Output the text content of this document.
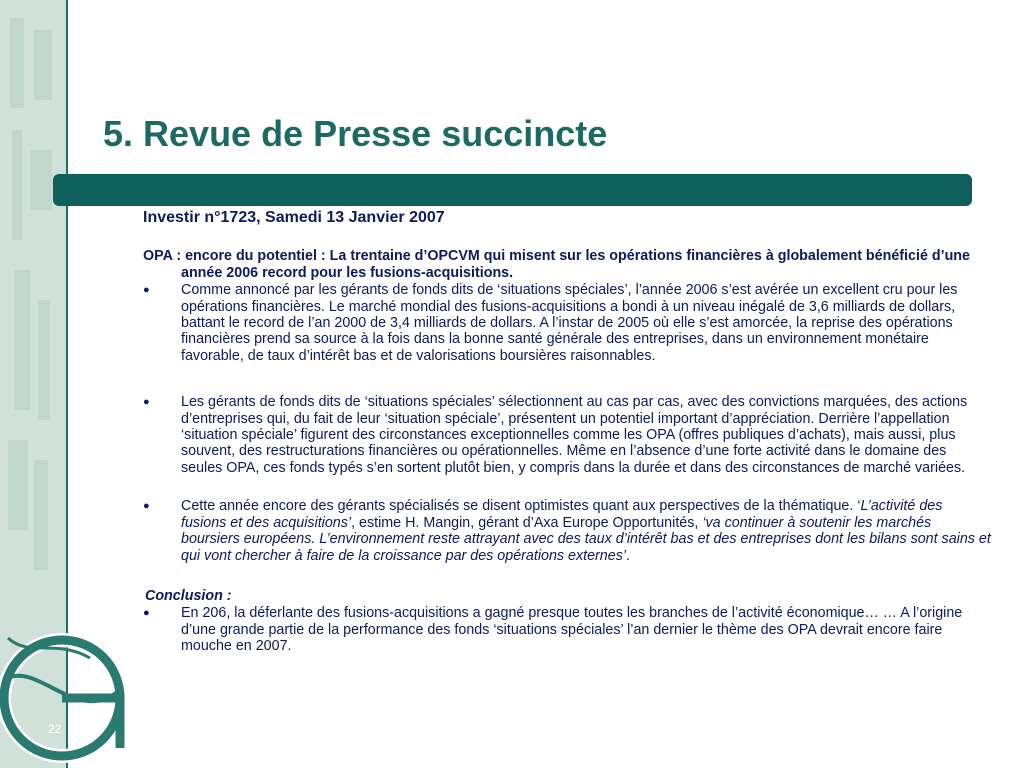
22
5. Revue de Presse succincte

Investir n°1723, Samedi 13 Janvier 2007

OPA : encore du potentiel : La trentaine d’OPCVM qui misent sur les opérations financières à globalement bénéficié d’une année 2006 record pour les fusions-acquisitions.

● Comme annoncé par les gérants de fonds dits de ‘situations spéciales’, l’année 2006 s’est avérée un excellent cru pour les opérations financières. Le marché mondial des fusions-acquisitions a bondi à un niveau inégalé de 3,6 milliards de dollars, battant le record de l’an 2000 de 3,4 milliards de dollars. A l’instar de 2005 où elle s’est amorcée, la reprise des opérations financières prend sa source à la fois dans la bonne santé générale des entreprises, dans un environnement monétaire favorable, de taux d’intérêt bas et de valorisations boursières raisonnables.
● Les gérants de fonds dits de ‘situations spéciales’ sélectionnent au cas par cas, avec des convictions marquées, des actions d’entreprises qui, du fait de leur ‘situation spéciale’, présentent un potentiel important d’appréciation. Derrière l’appellation ‘situation spéciale’ figurent des circonstances exceptionnelles comme les OPA (offres publiques d’achats), mais aussi, plus souvent, des restructurations financières ou opérationnelles. Même en l’absence d’une forte activité dans le domaine des seules OPA, ces fonds typés s’en sortent plutôt bien, y compris dans la durée et dans des circonstances de marché variées.
● Cette année encore des gérants spécialisés se disent optimistes quant aux perspectives de la thématique. ‘L’activité des fusions et des acquisitions’, estime H. Mangin, gérant d’Axa Europe Opportunités, ‘va continuer à soutenir les marchés boursiers européens. L’environnement reste attrayant avec des taux d’intérêt bas et des entreprises dont les bilans sont sains et qui vont chercher à faire de la croissance par des opérations externes’.

Conclusion :

● En 206, la déferlante des fusions-acquisitions a gagné presque toutes les branches de l’activité économique… … A l’origine d’une grande partie de la performance des fonds ‘situations spéciales’ l’an dernier le thème des OPA devrait encore faire mouche en 2007.
